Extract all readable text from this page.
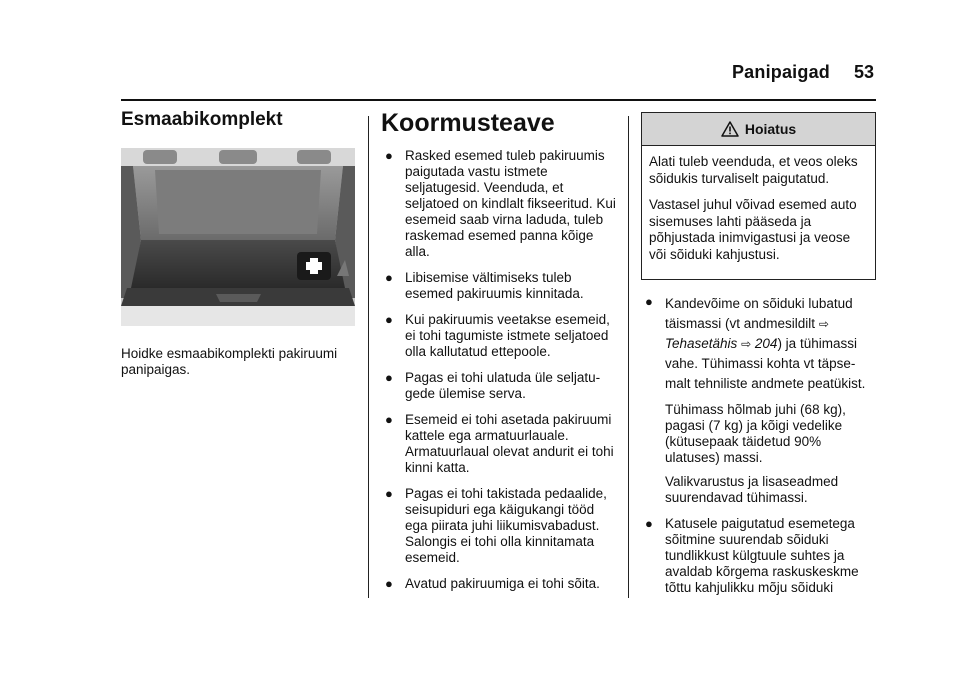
Panipaigad 53
Esmaabikomplekt
Hoidke esmaabikomplekti pakiruumi panipaigas.
Koormusteave
● Rasked esemed tuleb pakiruumis paigutada vastu istmete seljatugesid. Veenduda, et seljatoed on kindlalt fikseeritud. Kui esemeid saab virna laduda, tuleb raskemad esemed panna kõige alla.
● Libisemise vältimiseks tuleb esemed pakiruumis kinnitada.
● Kui pakiruumis veetakse esemeid, ei tohi tagumiste istmete seljatoed olla kallutatud ettepoole.
● Pagas ei tohi ulatuda üle seljatugede ülemise serva.
● Esemeid ei tohi asetada pakiruumi kattele ega armatuurlauale. Armatuurlaual olevat andurit ei tohi kinni katta.
● Pagas ei tohi takistada pedaalide, seisupiduri ega käigukangi tööd ega piirata juhi liikumisvabadust. Salongis ei tohi olla kinnitamata esemeid.
● Avatud pakiruumiga ei tohi sõita.
Hoiatus

Alati tuleb veenduda, et veos oleks sõidukis turvaliselt paigutatud.

Vastasel juhul võivad esemed auto sisemuses lahti pääseda ja põhjustada inimvigastusi ja veose või sõiduki kahjustusi.

● Kandevõime on sõiduki lubatud
täismassi (vt andmesildilt ⇨
Tehasetähis ⇨ 204) ja tühimassi vahe. Tühimassi kohta vt täpsemalt tehniliste andmete peatükist.

Tühimass hõlmab juhi (68 kg), pagasi (7 kg) ja kõigi vedelike (kütusepaak täidetud 90% ulatuses) massi.

Valikvarustus ja lisaseadmed suurendavad tühimassi.

● Katusele paigutatud esemetega sõitmine suurendab sõiduki tundlikkust külgtuule suhtes ja avaldab kõrgema raskuskeskme tõttu kahjulikku mõju sõiduki
